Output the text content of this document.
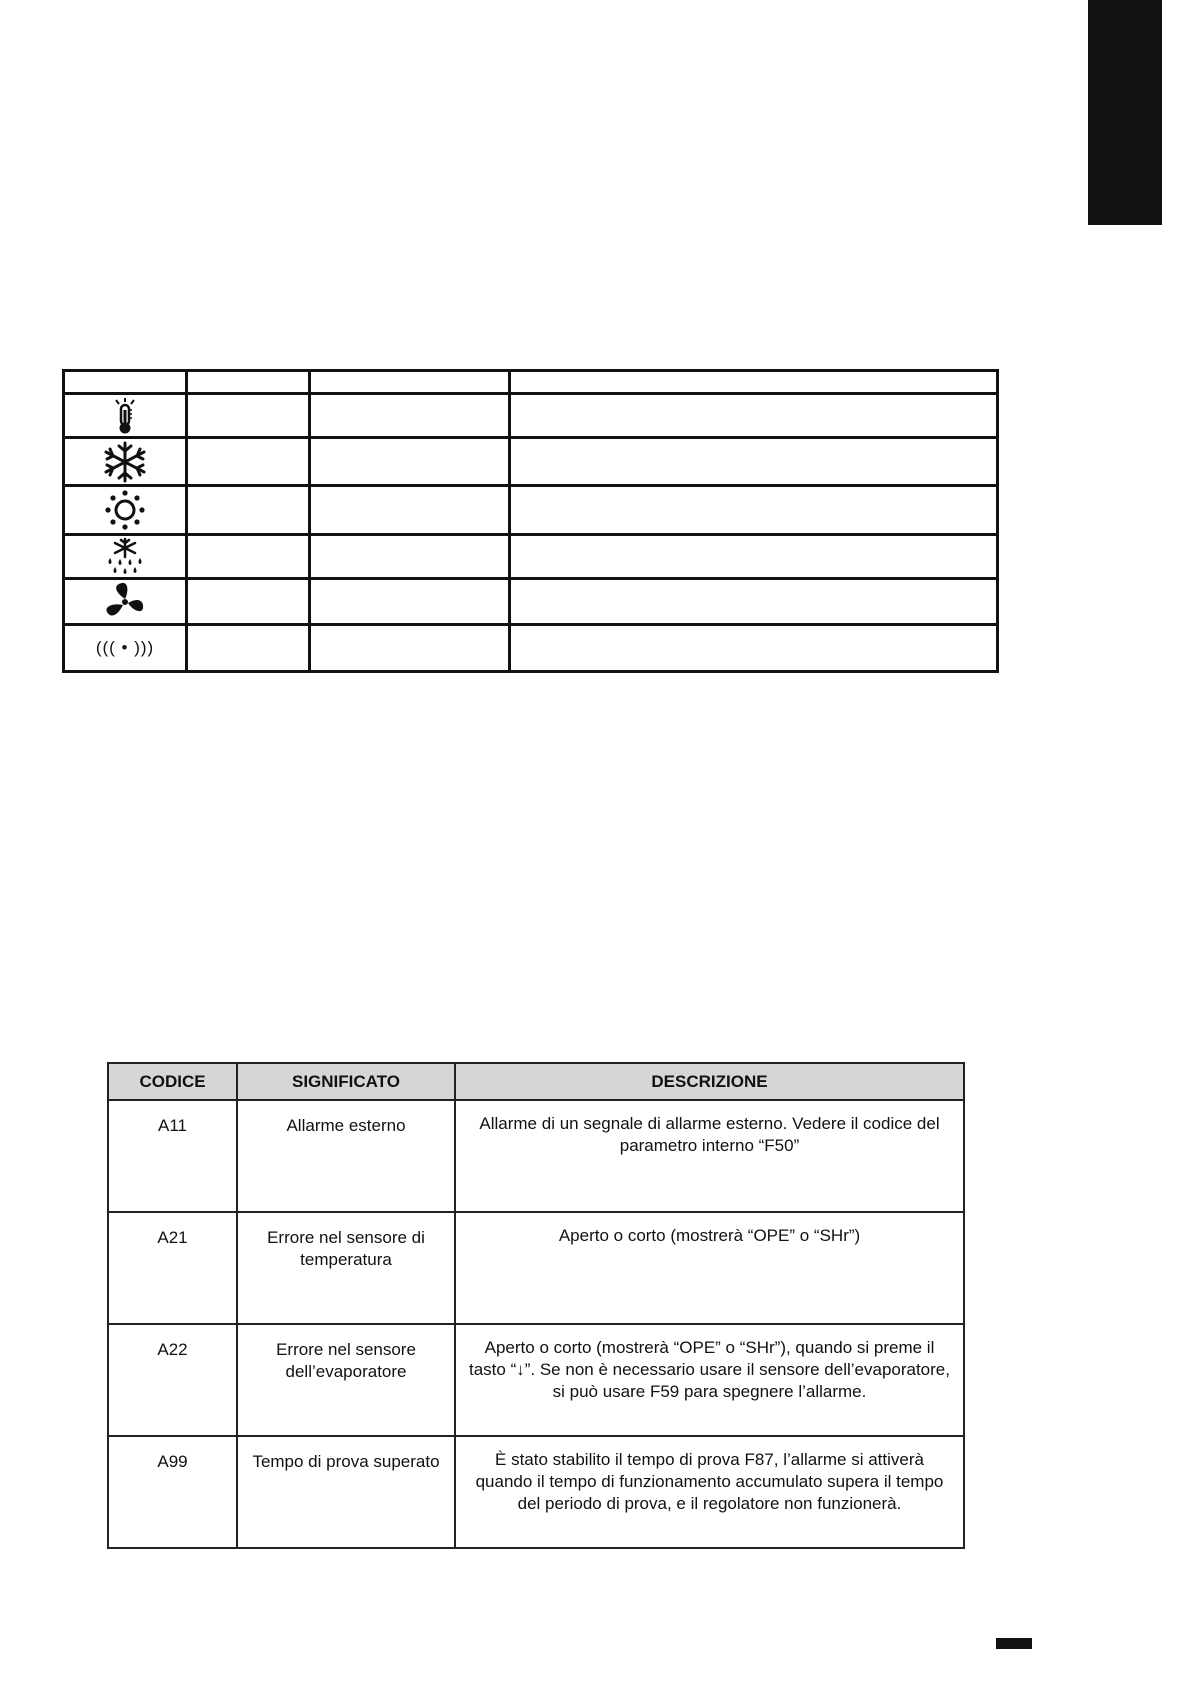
((( • )))			
CODICE	SIGNIFICATO	DESCRIZIONE
A11	Allarme esterno	Allarme di un segnale di allarme esterno. Vedere il codice del parametro interno “F50”
A21	Errore nel sensore di temperatura	Aperto o corto (mostrerà “OPE” o “SHr”)
A22	Errore nel sensore dell’evaporatore	Aperto o corto (mostrerà “OPE” o “SHr”), quando si preme il tasto “↓”. Se non è necessario usare il sensore dell’evaporatore, si può usare F59 para spegnere l’allarme.
A99	Tempo di prova superato	È stato stabilito il tempo di prova F87, l’allarme si attiverà quando il tempo di funzionamento accumulato supera il tempo del periodo di prova, e il regolatore non funzionerà.
